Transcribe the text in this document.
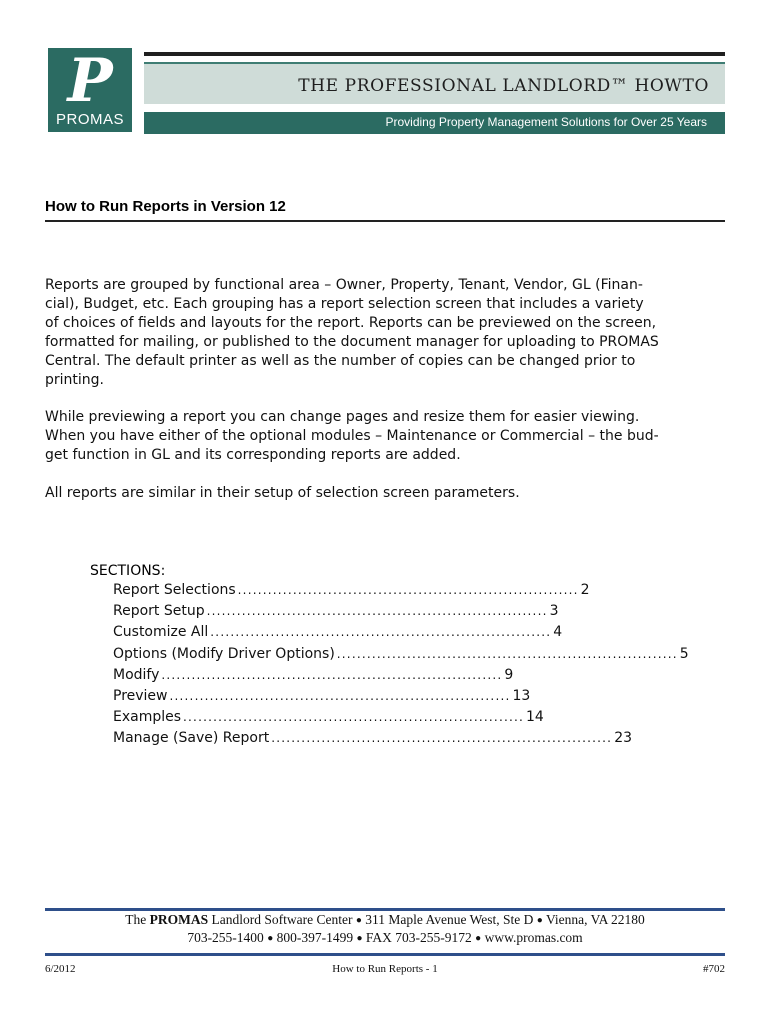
P
PROMAS
THE PROFESSIONAL LANDLORD™ HOWTO
Providing Property Management Solutions for Over 25 Years
How to Run Reports in Version 12
Reports are grouped by functional area – Owner, Property, Tenant, Vendor, GL (Finan-
cial), Budget, etc. Each grouping has a report selection screen that includes a variety
of choices of fields and layouts for the report. Reports can be previewed on the screen,
formatted for mailing, or published to the document manager for uploading to PROMAS
Central. The default printer as well as the number of copies can be changed prior to
printing.
While previewing a report you can change pages and resize them for easier viewing.
When you have either of the optional modules – Maintenance or Commercial – the bud-
get function in GL and its corresponding reports are added.
All reports are similar in their setup of selection screen parameters.
SECTIONS:
Report Selections .................................................................... 2
Report Setup .................................................................... 3
Customize All .................................................................... 4
Options (Modify Driver Options) .................................................................... 5
Modify .................................................................... 9
Preview .................................................................... 13
Examples .................................................................... 14
Manage (Save) Report .................................................................... 23
The PROMAS Landlord Software Center ● 311 Maple Avenue West, Ste D ● Vienna, VA 22180
703-255-1400 ● 800-397-1499 ● FAX 703-255-9172 ● www.promas.com
6/2012	How to Run Reports - 1	#702
